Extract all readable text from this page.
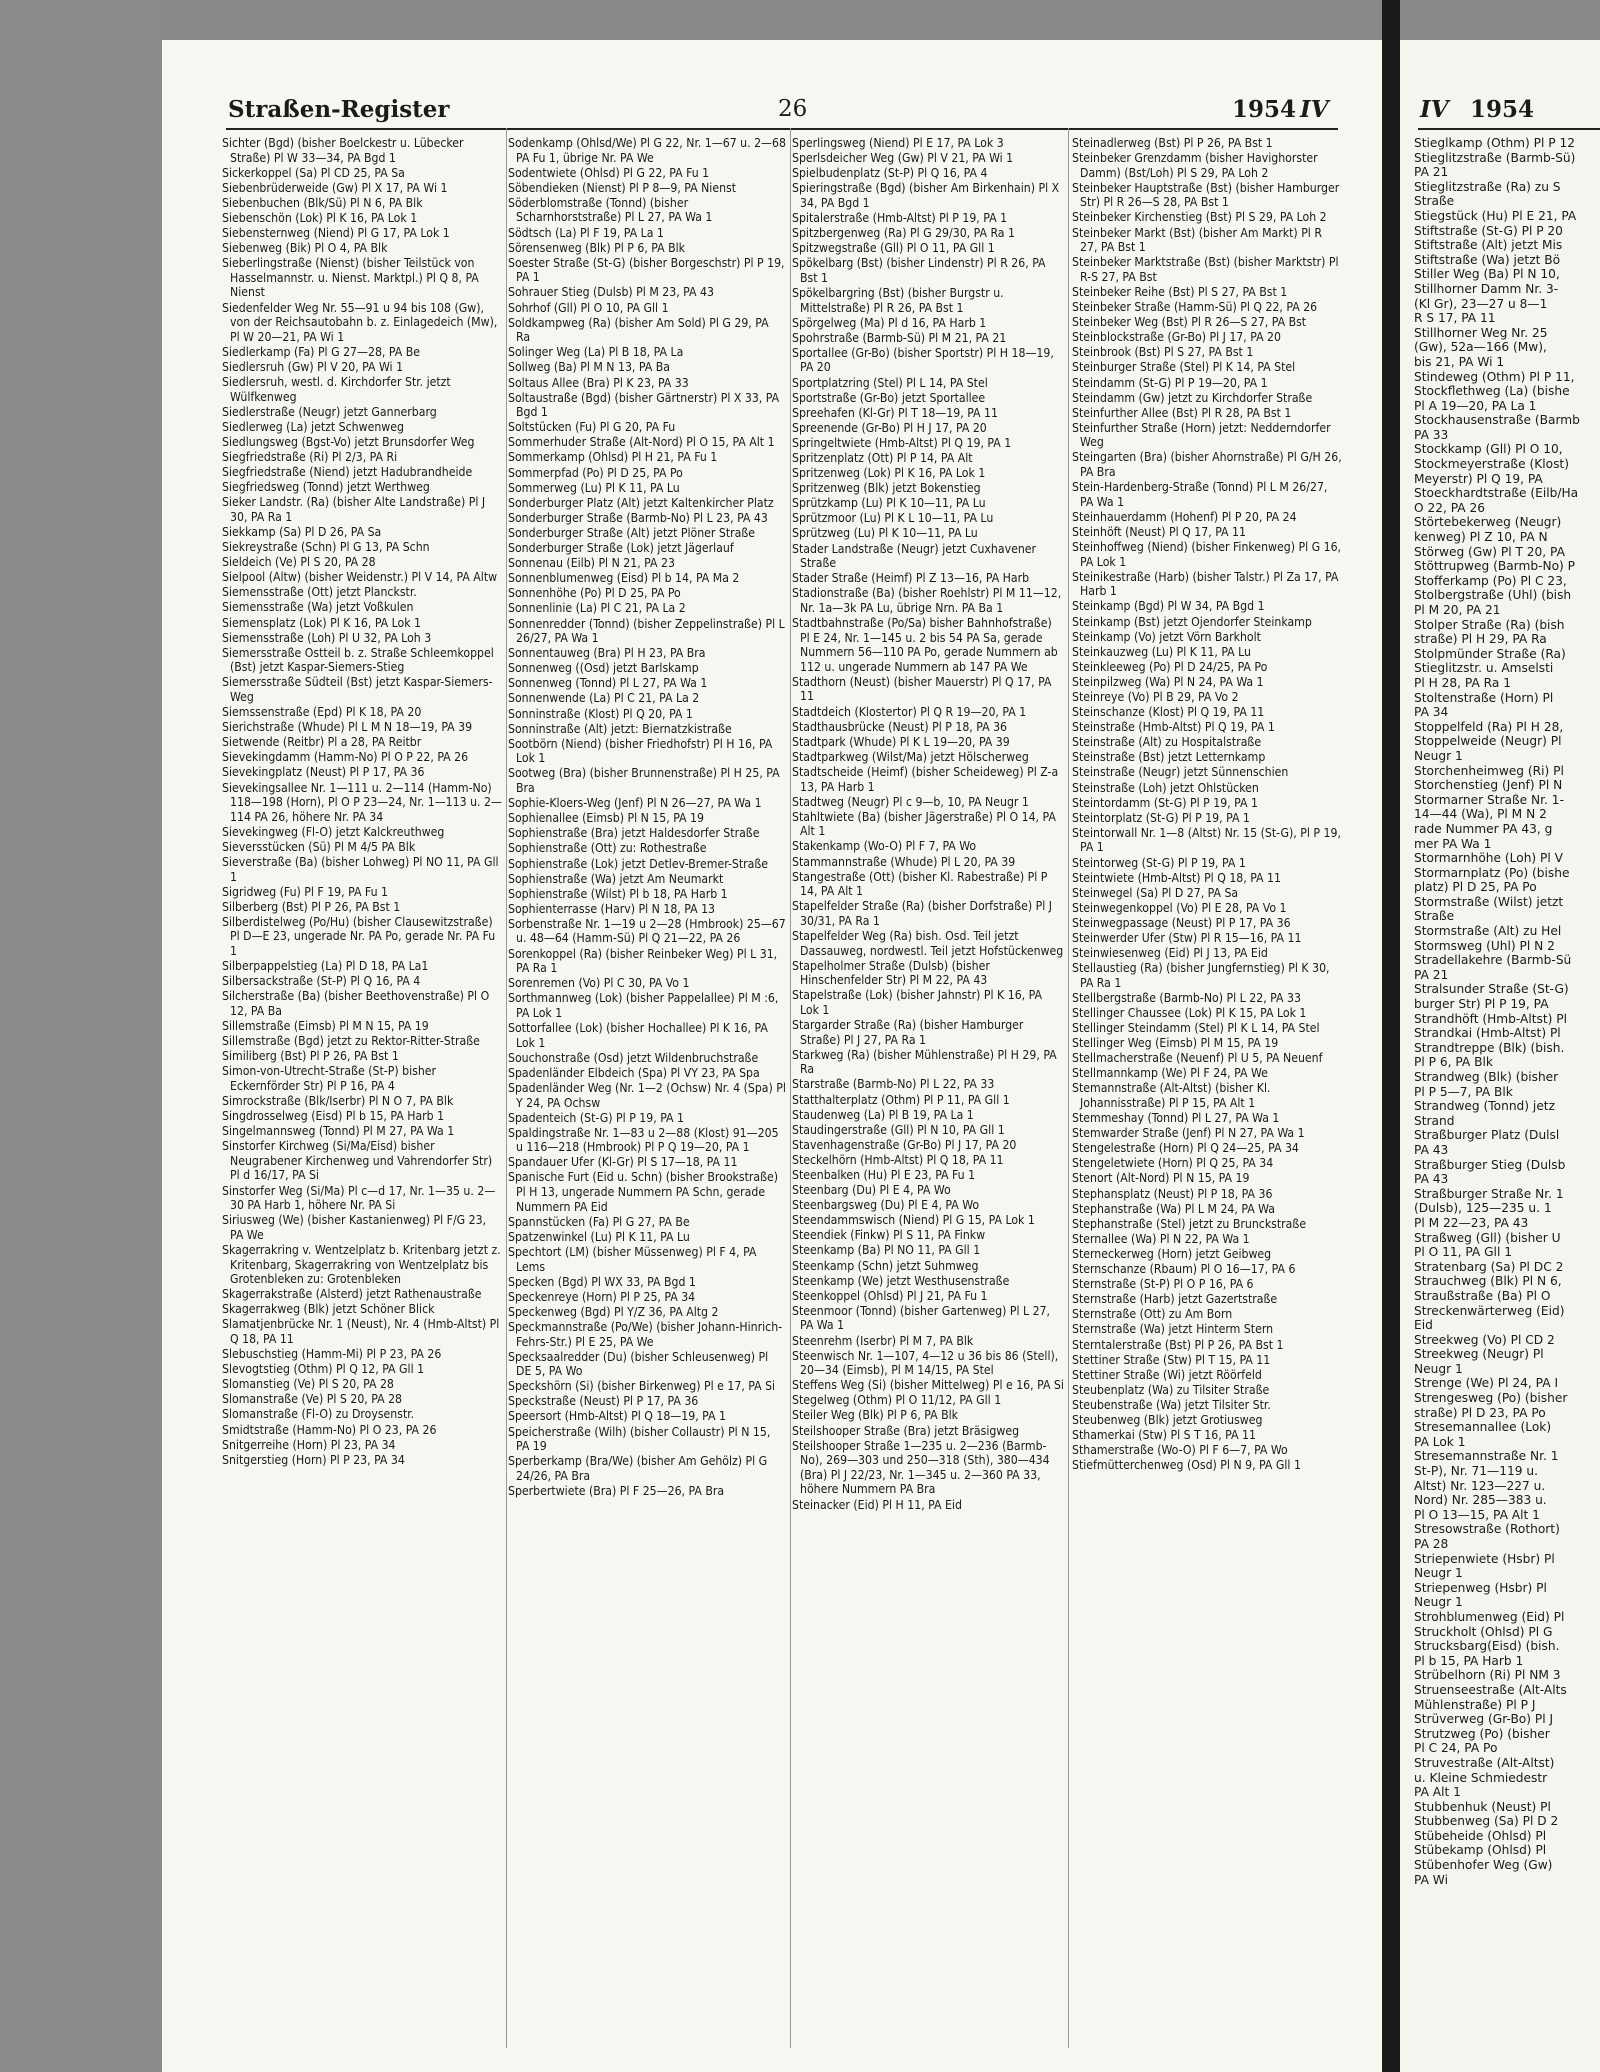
Straßen-Register	26	1954 IV	IV 1954
Sichter (Bgd) (bisher Boelckestr u. Lübecker Straße) Pl W 33—34, PA Bgd 1
Sickerkoppel (Sa) Pl CD 25, PA Sa
Siebenbrüderweide (Gw) Pl X 17, PA Wi 1
Siebenbuchen (Blk/Sü) Pl N 6, PA Blk
Siebenschön (Lok) Pl K 16, PA Lok 1
Siebensternweg (Niend) Pl G 17, PA Lok 1
Siebenweg (Bik) Pl O 4, PA Blk
Sieberlingstraße (Nienst) (bisher Teilstück von Hasselmannstr. u. Nienst. Marktpl.) Pl Q 8, PA Nienst
Siedenfelder Weg Nr. 55—91 u 94 bis 108 (Gw), von der Reichsautobahn b. z. Einlagedeich (Mw), Pl W 20—21, PA Wi 1
Siedlerkamp (Fa) Pl G 27—28, PA Be
Siedlersruh (Gw) Pl V 20, PA Wi 1
Siedlersruh, westl. d. Kirchdorfer Str. jetzt Wülfkenweg
Siedlerstraße (Neugr) jetzt Gannerbarg
Siedlerweg (La) jetzt Schwenweg
Siedlungsweg (Bgst-Vo) jetzt Brunsdorfer Weg
Siegfriedstraße (Ri) Pl 2/3, PA Ri
Siegfriedstraße (Niend) jetzt Hadubrandheide
Siegfriedsweg (Tonnd) jetzt Werthweg
Sieker Landstr. (Ra) (bisher Alte Landstraße) Pl J 30, PA Ra 1
Siekkamp (Sa) Pl D 26, PA Sa
Siekreystraße (Schn) Pl G 13, PA Schn
Sieldeich (Ve) Pl S 20, PA 28
Sielpool (Altw) (bisher Weidenstr.) Pl V 14, PA Altw
Siemensstraße (Ott) jetzt Planckstr.
Siemensstraße (Wa) jetzt Voßkulen
Siemensplatz (Lok) Pl K 16, PA Lok 1
Siemensstraße (Loh) Pl U 32, PA Loh 3
Siemersstraße Ostteil b. z. Straße Schleemkoppel (Bst) jetzt Kaspar-Siemers-Stieg
Siemersstraße Südteil (Bst) jetzt Kaspar-Siemers-Weg
Siemssenstraße (Epd) Pl K 18, PA 20
Sierichstraße (Whude) Pl L M N 18—19, PA 39
Sietwende (Reitbr) Pl a 28, PA Reitbr
Sievekingdamm (Hamm-No) Pl O P 22, PA 26
Sievekingplatz (Neust) Pl P 17, PA 36
Sievekingsallee Nr. 1—111 u. 2—114 (Hamm-No) 118—198 (Horn), Pl O P 23—24, Nr. 1—113 u. 2—114 PA 26, höhere Nr. PA 34
Sievekingweg (Fl-O) jetzt Kalckreuthweg
Sieversstücken (Sü) Pl M 4/5 PA Blk
Sieverstraße (Ba) (bisher Lohweg) Pl NO 11, PA Gll 1
Sigridweg (Fu) Pl F 19, PA Fu 1
Silberberg (Bst) Pl P 26, PA Bst 1
Silberdistelweg (Po/Hu) (bisher Clausewitzstraße) Pl D—E 23, ungerade Nr. PA Po, gerade Nr. PA Fu 1
Silberpappelstieg (La) Pl D 18, PA La1
Silbersackstraße (St-P) Pl Q 16, PA 4
Silcherstraße (Ba) (bisher Beethovenstraße) Pl O 12, PA Ba
Sillemstraße (Eimsb) Pl M N 15, PA 19
Sillemstraße (Bgd) jetzt zu Rektor-Ritter-Straße
Similiberg (Bst) Pl P 26, PA Bst 1
Simon-von-Utrecht-Straße (St-P) bisher Eckernförder Str) Pl P 16, PA 4
Simrockstraße (Blk/Iserbr) Pl N O 7, PA Blk
Singdrosselweg (Eisd) Pl b 15, PA Harb 1
Singelmannsweg (Tonnd) Pl M 27, PA Wa 1
Sinstorfer Kirchweg (Si/Ma/Eisd) bisher Neugrabener Kirchenweg und Vahrendorfer Str) Pl d 16/17, PA Si
Sinstorfer Weg (Si/Ma) Pl c—d 17, Nr. 1—35 u. 2—30 PA Harb 1, höhere Nr. PA Si
Siriusweg (We) (bisher Kastanienweg) Pl F/G 23, PA We
Skagerrakring v. Wentzelplatz b. Kritenbarg jetzt z. Kritenbarg, Skagerrakring von Wentzelplatz bis Grotenbleken zu: Grotenbleken
Skagerrakstraße (Alsterd) jetzt Rathenaustraße
Skagerrakweg (Blk) jetzt Schöner Blick
Slamatjenbrücke Nr. 1 (Neust), Nr. 4 (Hmb-Altst) Pl Q 18, PA 11
Slebuschstieg (Hamm-Mi) Pl P 23, PA 26
Slevogtstieg (Othm) Pl Q 12, PA Gll 1
Slomanstieg (Ve) Pl S 20, PA 28
Slomanstraße (Ve) Pl S 20, PA 28
Slomanstraße (Fl-O) zu Droysenstr.
Smidtstraße (Hamm-No) Pl O 23, PA 26
Snitgerreihe (Horn) Pl 23, PA 34
Snitgerstieg (Horn) Pl P 23, PA 34
Sodenkamp (Ohlsd/We) Pl G 22, Nr. 1—67 u. 2—68 PA Fu 1, übrige Nr. PA We
Sodentwiete (Ohlsd) Pl G 22, PA Fu 1
Söbendieken (Nienst) Pl P 8—9, PA Nienst
Söderblomstraße (Tonnd) (bisher Scharnhorststraße) Pl L 27, PA Wa 1
Södtsch (La) Pl F 19, PA La 1
Sörensenweg (Blk) Pl P 6, PA Blk
Soester Straße (St-G) (bisher Borgeschstr) Pl P 19, PA 1
Sohrauer Stieg (Dulsb) Pl M 23, PA 43
Sohrhof (Gll) Pl O 10, PA Gll 1
Soldkampweg (Ra) (bisher Am Sold) Pl G 29, PA Ra
Solinger Weg (La) Pl B 18, PA La
Sollweg (Ba) Pl M N 13, PA Ba
Soltaus Allee (Bra) Pl K 23, PA 33
Soltaustraße (Bgd) (bisher Gärtnerstr) Pl X 33, PA Bgd 1
Soltstücken (Fu) Pl G 20, PA Fu
Sommerhuder Straße (Alt-Nord) Pl O 15, PA Alt 1
Sommerkamp (Ohlsd) Pl H 21, PA Fu 1
Sommerpfad (Po) Pl D 25, PA Po
Sommerweg (Lu) Pl K 11, PA Lu
Sonderburger Platz (Alt) jetzt Kaltenkircher Platz
Sonderburger Straße (Barmb-No) Pl L 23, PA 43
Sonderburger Straße (Alt) jetzt Plöner Straße
Sonderburger Straße (Lok) jetzt Jägerlauf
Sonnenau (Eilb) Pl N 21, PA 23
Sonnenblumenweg (Eisd) Pl b 14, PA Ma 2
Sonnenhöhe (Po) Pl D 25, PA Po
Sonnenlinie (La) Pl C 21, PA La 2
Sonnenredder (Tonnd) (bisher Zeppelinstraße) Pl L 26/27, PA Wa 1
Sonnentauweg (Bra) Pl H 23, PA Bra
Sonnenweg ((Osd) jetzt Barlskamp
Sonnenweg (Tonnd) Pl L 27, PA Wa 1
Sonnenwende (La) Pl C 21, PA La 2
Sonninstraße (Klost) Pl Q 20, PA 1
Sonninstraße (Alt) jetzt: Biernatzkistraße
Sootbörn (Niend) (bisher Friedhofstr) Pl H 16, PA Lok 1
Sootweg (Bra) (bisher Brunnenstraße) Pl H 25, PA Bra
Sophie-Kloers-Weg (Jenf) Pl N 26—27, PA Wa 1
Sophienallee (Eimsb) Pl N 15, PA 19
Sophienstraße (Bra) jetzt Haldesdorfer Straße
Sophienstraße (Ott) zu: Rothestraße
Sophienstraße (Lok) jetzt Detlev-Bremer-Straße
Sophienstraße (Wa) jetzt Am Neumarkt
Sophienstraße (Wilst) Pl b 18, PA Harb 1
Sophienterrasse (Harv) Pl N 18, PA 13
Sorbenstraße Nr. 1—19 u 2—28 (Hmbrook) 25—67 u. 48—64 (Hamm-Sü) Pl Q 21—22, PA 26
Sorenkoppel (Ra) (bisher Reinbeker Weg) Pl L 31, PA Ra 1
Sorenremen (Vo) Pl C 30, PA Vo 1
Sorthmannweg (Lok) (bisher Pappelallee) Pl M :6, PA Lok 1
Sottorfallee (Lok) (bisher Hochallee) Pl K 16, PA Lok 1
Souchonstraße (Osd) jetzt Wildenbruchstraße
Spadenländer Elbdeich (Spa) Pl VY 23, PA Spa
Spadenländer Weg (Nr. 1—2 (Ochsw) Nr. 4 (Spa) Pl Y 24, PA Ochsw
Spadenteich (St-G) Pl P 19, PA 1
Spaldingstraße Nr. 1—83 u 2—88 (Klost) 91—205 u 116—218 (Hmbrook) Pl P Q 19—20, PA 1
Spandauer Ufer (Kl-Gr) Pl S 17—18, PA 11
Spanische Furt (Eid u. Schn) (bisher Brookstraße) Pl H 13, ungerade Nummern PA Schn, gerade Nummern PA Eid
Spannstücken (Fa) Pl G 27, PA Be
Spatzenwinkel (Lu) Pl K 11, PA Lu
Spechtort (LM) (bisher Müssenweg) Pl F 4, PA Lems
Specken (Bgd) Pl WX 33, PA Bgd 1
Speckenreye (Horn) Pl P 25, PA 34
Speckenweg (Bgd) Pl Y/Z 36, PA Altg 2
Speckmannstraße (Po/We) (bisher Johann-Hinrich-Fehrs-Str.) Pl E 25, PA We
Specksaalredder (Du) (bisher Schleusenweg) Pl DE 5, PA Wo
Speckshörn (Si) (bisher Birkenweg) Pl e 17, PA Si
Speckstraße (Neust) Pl P 17, PA 36
Speersort (Hmb-Altst) Pl Q 18—19, PA 1
Speicherstraße (Wilh) (bisher Collaustr) Pl N 15, PA 19
Sperberkamp (Bra/We) (bisher Am Gehölz) Pl G 24/26, PA Bra
Sperbertwiete (Bra) Pl F 25—26, PA Bra
Sperlingsweg (Niend) Pl E 17, PA Lok 3
Sperlsdeicher Weg (Gw) Pl V 21, PA Wi 1
Spielbudenplatz (St-P) Pl Q 16, PA 4
Spieringstraße (Bgd) (bisher Am Birkenhain) Pl X 34, PA Bgd 1
Spitalerstraße (Hmb-Altst) Pl P 19, PA 1
Spitzbergenweg (Ra) Pl G 29/30, PA Ra 1
Spitzwegstraße (Gll) Pl O 11, PA Gll 1
Spökelbarg (Bst) (bisher Lindenstr) Pl R 26, PA Bst 1
Spökelbargring (Bst) (bisher Burgstr u. Mittelstraße) Pl R 26, PA Bst 1
Spörgelweg (Ma) Pl d 16, PA Harb 1
Spohrstraße (Barmb-Sü) Pl M 21, PA 21
Sportallee (Gr-Bo) (bisher Sportstr) Pl H 18—19, PA 20
Sportplatzring (Stel) Pl L 14, PA Stel
Sportstraße (Gr-Bo) jetzt Sportallee
Spreehafen (Kl-Gr) Pl T 18—19, PA 11
Spreenende (Gr-Bo) Pl H J 17, PA 20
Springeltwiete (Hmb-Altst) Pl Q 19, PA 1
Spritzenplatz (Ott) Pl P 14, PA Alt
Spritzenweg (Lok) Pl K 16, PA Lok 1
Spritzenweg (Blk) jetzt Bokenstieg
Sprützkamp (Lu) Pl K 10—11, PA Lu
Sprützmoor (Lu) Pl K L 10—11, PA Lu
Sprützweg (Lu) Pl K 10—11, PA Lu
Stader Landstraße (Neugr) jetzt Cuxhavener Straße
Stader Straße (Heimf) Pl Z 13—16, PA Harb
Stadionstraße (Ba) (bisher Roehlstr) Pl M 11—12, Nr. 1a—3k PA Lu, übrige Nrn. PA Ba 1
Stadtbahnstraße (Po/Sa) bisher Bahnhofstraße) Pl E 24, Nr. 1—145 u. 2 bis 54 PA Sa, gerade Nummern 56—110 PA Po, gerade Nummern ab 112 u. ungerade Nummern ab 147 PA We
Stadthorn (Neust) (bisher Mauerstr) Pl Q 17, PA 11
Stadtdeich (Klostertor) Pl Q R 19—20, PA 1
Stadthausbrücke (Neust) Pl P 18, PA 36
Stadtpark (Whude) Pl K L 19—20, PA 39
Stadtparkweg (Wilst/Ma) jetzt Hölscherweg
Stadtscheide (Heimf) (bisher Scheideweg) Pl Z-a 13, PA Harb 1
Stadtweg (Neugr) Pl c 9—b, 10, PA Neugr 1
Stahltwiete (Ba) (bisher Jägerstraße) Pl O 14, PA Alt 1
Stakenkamp (Wo-O) Pl F 7, PA Wo
Stammannstraße (Whude) Pl L 20, PA 39
Stangestraße (Ott) (bisher Kl. Rabestraße) Pl P 14, PA Alt 1
Stapelfelder Straße (Ra) (bisher Dorfstraße) Pl J 30/31, PA Ra 1
Stapelfelder Weg (Ra) bish. Osd. Teil jetzt Dassauweg, nordwestl. Teil jetzt Hofstückenweg
Stapelholmer Straße (Dulsb) (bisher Hinschenfelder Str) Pl M 22, PA 43
Stapelstraße (Lok) (bisher Jahnstr) Pl K 16, PA Lok 1
Stargarder Straße (Ra) (bisher Hamburger Straße) Pl J 27, PA Ra 1
Starkweg (Ra) (bisher Mühlenstraße) Pl H 29, PA Ra
Starstraße (Barmb-No) Pl L 22, PA 33
Statthalterplatz (Othm) Pl P 11, PA Gll 1
Staudenweg (La) Pl B 19, PA La 1
Staudingerstraße (Gll) Pl N 10, PA Gll 1
Stavenhagenstraße (Gr-Bo) Pl J 17, PA 20
Steckelhörn (Hmb-Altst) Pl Q 18, PA 11
Steenbalken (Hu) Pl E 23, PA Fu 1
Steenbarg (Du) Pl E 4, PA Wo
Steenbargsweg (Du) Pl E 4, PA Wo
Steendammswisch (Niend) Pl G 15, PA Lok 1
Steendiek (Finkw) Pl S 11, PA Finkw
Steenkamp (Ba) Pl NO 11, PA Gll 1
Steenkamp (Schn) jetzt Suhmweg
Steenkamp (We) jetzt Westhusenstraße
Steenkoppel (Ohlsd) Pl J 21, PA Fu 1
Steenmoor (Tonnd) (bisher Gartenweg) Pl L 27, PA Wa 1
Steenrehm (Iserbr) Pl M 7, PA Blk
Steenwisch Nr. 1—107, 4—12 u 36 bis 86 (Stell), 20—34 (Eimsb), Pl M 14/15, PA Stel
Steffens Weg (Si) (bisher Mittelweg) Pl e 16, PA Si
Stegelweg (Othm) Pl O 11/12, PA Gll 1
Steiler Weg (Blk) Pl P 6, PA Blk
Steilshooper Straße (Bra) jetzt Bräsigweg
Steilshooper Straße 1—235 u. 2—236 (Barmb-No), 269—303 und 250—318 (Sth), 380—434 (Bra) Pl J 22/23, Nr. 1—345 u. 2—360 PA 33, höhere Nummern PA Bra
Steinacker (Eid) Pl H 11, PA Eid
Steinadlerweg (Bst) Pl P 26, PA Bst 1
Steinbeker Grenzdamm (bisher Havighorster Damm) (Bst/Loh) Pl S 29, PA Loh 2
Steinbeker Hauptstraße (Bst) (bisher Hamburger Str) Pl R 26—S 28, PA Bst 1
Steinbeker Kirchenstieg (Bst) Pl S 29, PA Loh 2
Steinbeker Markt (Bst) (bisher Am Markt) Pl R 27, PA Bst 1
Steinbeker Marktstraße (Bst) (bisher Marktstr) Pl R-S 27, PA Bst
Steinbeker Reihe (Bst) Pl S 27, PA Bst 1
Steinbeker Straße (Hamm-Sü) Pl Q 22, PA 26
Steinbeker Weg (Bst) Pl R 26—S 27, PA Bst
Steinblockstraße (Gr-Bo) Pl J 17, PA 20
Steinbrook (Bst) Pl S 27, PA Bst 1
Steinburger Straße (Stel) Pl K 14, PA Stel
Steindamm (St-G) Pl P 19—20, PA 1
Steindamm (Gw) jetzt zu Kirchdorfer Straße
Steinfurther Allee (Bst) Pl R 28, PA Bst 1
Steinfurther Straße (Horn) jetzt: Nedderndorfer Weg
Steingarten (Bra) (bisher Ahornstraße) Pl G/H 26, PA Bra
Stein-Hardenberg-Straße (Tonnd) Pl L M 26/27, PA Wa 1
Steinhauerdamm (Hohenf) Pl P 20, PA 24
Steinhöft (Neust) Pl Q 17, PA 11
Steinhoffweg (Niend) (bisher Finkenweg) Pl G 16, PA Lok 1
Steinikestraße (Harb) (bisher Talstr.) Pl Za 17, PA Harb 1
Steinkamp (Bgd) Pl W 34, PA Bgd 1
Steinkamp (Bst) jetzt Ojendorfer Steinkamp
Steinkamp (Vo) jetzt Vörn Barkholt
Steinkauzweg (Lu) Pl K 11, PA Lu
Steinkleeweg (Po) Pl D 24/25, PA Po
Steinpilzweg (Wa) Pl N 24, PA Wa 1
Steinreye (Vo) Pl B 29, PA Vo 2
Steinschanze (Klost) Pl Q 19, PA 11
Steinstraße (Hmb-Altst) Pl Q 19, PA 1
Steinstraße (Alt) zu Hospitalstraße
Steinstraße (Bst) jetzt Letternkamp
Steinstraße (Neugr) jetzt Sünnenschien
Steinstraße (Loh) jetzt Ohlstücken
Steintordamm (St-G) Pl P 19, PA 1
Steintorplatz (St-G) Pl P 19, PA 1
Steintorwall Nr. 1—8 (Altst) Nr. 15 (St-G), Pl P 19, PA 1
Steintorweg (St-G) Pl P 19, PA 1
Steintwiete (Hmb-Altst) Pl Q 18, PA 11
Steinwegel (Sa) Pl D 27, PA Sa
Steinwegenkoppel (Vo) Pl E 28, PA Vo 1
Steinwegpassage (Neust) Pl P 17, PA 36
Steinwerder Ufer (Stw) Pl R 15—16, PA 11
Steinwiesenweg (Eid) Pl J 13, PA Eid
Stellaustieg (Ra) (bisher Jungfernstieg) Pl K 30, PA Ra 1
Stellbergstraße (Barmb-No) Pl L 22, PA 33
Stellinger Chaussee (Lok) Pl K 15, PA Lok 1
Stellinger Steindamm (Stel) Pl K L 14, PA Stel
Stellinger Weg (Eimsb) Pl M 15, PA 19
Stellmacherstraße (Neuenf) Pl U 5, PA Neuenf
Stellmannkamp (We) Pl F 24, PA We
Stemannstraße (Alt-Altst) (bisher Kl. Johannisstraße) Pl P 15, PA Alt 1
Stemmeshay (Tonnd) Pl L 27, PA Wa 1
Stemwarder Straße (Jenf) Pl N 27, PA Wa 1
Stengelestraße (Horn) Pl Q 24—25, PA 34
Stengeletwiete (Horn) Pl Q 25, PA 34
Stenort (Alt-Nord) Pl N 15, PA 19
Stephansplatz (Neust) Pl P 18, PA 36
Stephanstraße (Wa) Pl L M 24, PA Wa
Stephanstraße (Stel) jetzt zu Brunckstraße
Sternallee (Wa) Pl N 22, PA Wa 1
Sterneckerweg (Horn) jetzt Geibweg
Sternschanze (Rbaum) Pl O 16—17, PA 6
Sternstraße (St-P) Pl O P 16, PA 6
Sternstraße (Harb) jetzt Gazertstraße
Sternstraße (Ott) zu Am Born
Sternstraße (Wa) jetzt Hinterm Stern
Sterntalerstraße (Bst) Pl P 26, PA Bst 1
Stettiner Straße (Stw) Pl T 15, PA 11
Stettiner Straße (Wi) jetzt Röörfeld
Steubenplatz (Wa) zu Tilsiter Straße
Steubenstraße (Wa) jetzt Tilsiter Str.
Steubenweg (Blk) jetzt Grotiusweg
Sthamerkai (Stw) Pl S T 16, PA 11
Sthamerstraße (Wo-O) Pl F 6—7, PA Wo
Stiefmütterchenweg (Osd) Pl N 9, PA Gll 1
Stieglkamp (Othm) Pl P 12
Stieglitzstraße (Barmb-Sü)
PA 21
Stieglitzstraße (Ra) zu S
Straße
Stiegstück (Hu) Pl E 21, PA
Stiftstraße (St-G) Pl P 20
Stiftstraße (Alt) jetzt Mis
Stiftstraße (Wa) jetzt Bö
Stiller Weg (Ba) Pl N 10,
Stillhorner Damm Nr. 3-
(Kl Gr), 23—27 u 8—1
R S 17, PA 11
Stillhorner Weg Nr. 25
(Gw), 52a—166 (Mw),
bis 21, PA Wi 1
Stindeweg (Othm) Pl P 11,
Stockflethweg (La) (bishe
Pl A 19—20, PA La 1
Stockhausenstraße (Barmb
PA 33
Stockkamp (Gll) Pl O 10,
Stockmeyerstraße (Klost)
Meyerstr) Pl Q 19, PA
Stoeckhardtstraße (Eilb/Ha
O 22, PA 26
Störtebekerweg (Neugr)
kenweg) Pl Z 10, PA N
Störweg (Gw) Pl T 20, PA
Stöttrupweg (Barmb-No) P
Stofferkamp (Po) Pl C 23,
Stolbergstraße (Uhl) (bish
Pl M 20, PA 21
Stolper Straße (Ra) (bish
straße) Pl H 29, PA Ra
Stolpmünder Straße (Ra)
Stieglitzstr. u. Amselsti
Pl H 28, PA Ra 1
Stoltenstraße (Horn) Pl
PA 34
Stoppelfeld (Ra) Pl H 28,
Stoppelweide (Neugr) Pl
Neugr 1
Storchenheimweg (Ri) Pl
Storchenstieg (Jenf) Pl N
Stormarner Straße Nr. 1-
14—44 (Wa), Pl M N 2
rade Nummer PA 43, g
mer PA Wa 1
Stormarnhöhe (Loh) Pl V
Stormarnplatz (Po) (bishe
platz) Pl D 25, PA Po
Stormstraße (Wilst) jetzt
Straße
Stormstraße (Alt) zu Hel
Stormsweg (Uhl) Pl N 2
Stradellakehre (Barmb-Sü
PA 21
Stralsunder Straße (St-G)
burger Str) Pl P 19, PA
Strandhöft (Hmb-Altst) Pl
Strandkai (Hmb-Altst) Pl
Strandtreppe (Blk) (bish.
Pl P 6, PA Blk
Strandweg (Blk) (bisher
Pl P 5—7, PA Blk
Strandweg (Tonnd) jetz
Strand
Straßburger Platz (Dulsl
PA 43
Straßburger Stieg (Dulsb
PA 43
Straßburger Straße Nr. 1
(Dulsb), 125—235 u. 1
Pl M 22—23, PA 43
Straßweg (Gll) (bisher U
Pl O 11, PA Gll 1
Stratenbarg (Sa) Pl DC 2
Strauchweg (Blk) Pl N 6,
Straußstraße (Ba) Pl O
Streckenwärterweg (Eid)
Eid
Streekweg (Vo) Pl CD 2
Streekweg (Neugr) Pl
Neugr 1
Strenge (We) Pl 24, PA I
Strengesweg (Po) (bisher
straße) Pl D 23, PA Po
Stresemannallee (Lok)
PA Lok 1
Stresemannstraße Nr. 1
St-P), Nr. 71—119 u.
Altst) Nr. 123—227 u.
Nord) Nr. 285—383 u.
Pl O 13—15, PA Alt 1
Stresowstraße (Rothort)
PA 28
Striepenwiete (Hsbr) Pl
Neugr 1
Striepenweg (Hsbr) Pl
Neugr 1
Strohblumenweg (Eid) Pl
Struckholt (Ohlsd) Pl G
Strucksbarg(Eisd) (bish.
Pl b 15, PA Harb 1
Strübelhorn (Ri) Pl NM 3
Struenseestraße (Alt-Alts
Mühlenstraße) Pl P J
Strüverweg (Gr-Bo) Pl J
Strutzweg (Po) (bisher
Pl C 24, PA Po
Struvestraße (Alt-Altst)
u. Kleine Schmiedestr
PA Alt 1
Stubbenhuk (Neust) Pl
Stubbenweg (Sa) Pl D 2
Stübeheide (Ohlsd) Pl
Stübekamp (Ohlsd) Pl
Stübenhofer Weg (Gw)
PA Wi
